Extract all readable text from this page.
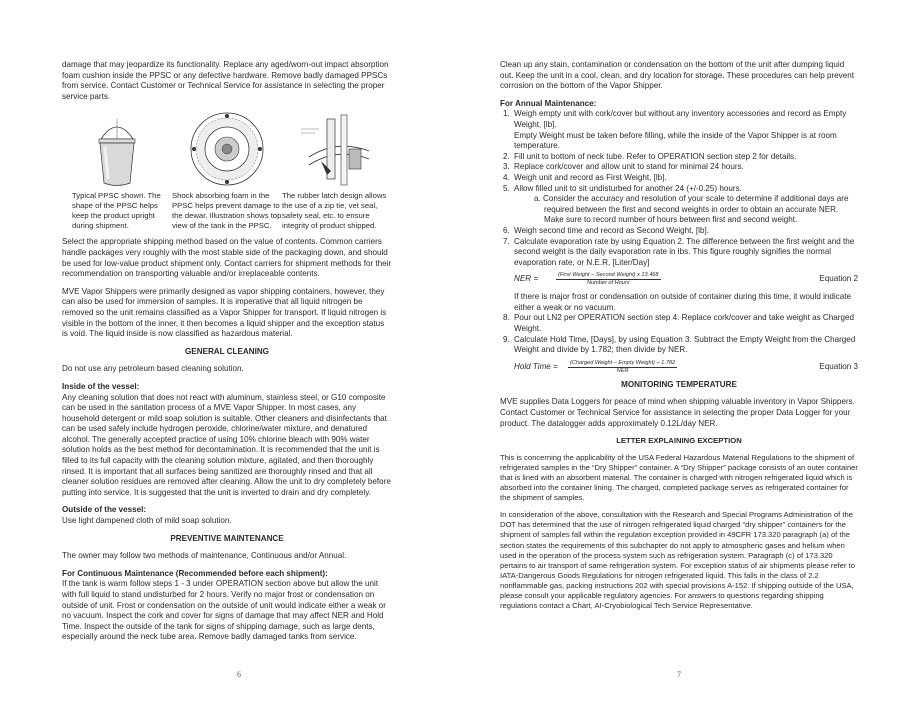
damage that may jeopardize its functionality. Replace any aged/worn-out impact absorption foam cushion inside the PPSC or any defective hardware. Remove badly damaged PPSCs from service. Contact Customer or Technical Service for assistance in selecting the proper service parts.

Typical PPSC shown. The shape of the PPSC helps keep the product upright during shipment.
Shock absorbing foam in the PPSC helps prevent damage to the dewar. Illustration shows top view of the tank in the PPSC.
The rubber latch design allows the use of a zip tie, vet seal, safety seal, etc. to ensure integrity of product shipped.

Select the appropriate shipping method based on the value of contents. Common carriers handle packages very roughly with the most stable side of the packaging down, and should be used for low-value product shipment only. Contact carriers for shipment methods for their recommendation on transporting valuable and/or irreplaceable contents.

MVE Vapor Shippers were primarily designed as vapor shipping containers, however, they can also be used for immersion of samples. It is imperative that all liquid nitrogen be removed so the unit remains classified as a Vapor Shipper for transport. If liquid nitrogen is visible in the bottom of the inner, it then becomes a liquid shipper and the exception status is void. The liquid inside is now classified as hazardous material.

GENERAL CLEANING

Do not use any petroleum based cleaning solution.

Inside of the vessel:

Any cleaning solution that does not react with aluminum, stainless steel, or G10 composite can be used in the sanitation process of a MVE Vapor Shipper. In most cases, any household detergent or mild soap solution is suitable. Other cleaners and disinfectants that can be used safely include hydrogen peroxide, chlorine/water mixture, and denatured alcohol. The generally accepted practice of using 10% chlorine bleach with 90% water solution holds as the best method for decontamination. It is recommended that the unit is filled to its full capacity with the cleaning solution mixture, agitated, and then thoroughly rinsed. It is important that all surfaces being sanitized are thoroughly rinsed and that all cleaner solution residues are removed after cleaning. Allow the unit to dry completely before putting into service. It is suggested that the unit is inverted to drain and dry completely.

Outside of the vessel:

Use light dampened cloth of mild soap solution.

PREVENTIVE MAINTENANCE

The owner may follow two methods of maintenance, Continuous and/or Annual.

For Continuous Maintenance (Recommended before each shipment):

If the tank is warm follow steps 1 - 3 under OPERATION section above but allow the unit with full liquid to stand undisturbed for 2 hours. Verify no major frost or condensation on outside of unit. Frost or condensation on the outside of unit would indicate either a weak or no vacuum. Inspect the cork and cover for signs of damage that may affect NER and Hold Time. Inspect the outside of the tank for signs of shipping damage, such as large dents, especially around the neck tube area. Remove badly damaged tanks from service.

6

Clean up any stain, contamination or condensation on the bottom of the unit after dumping liquid out. Keep the unit in a cool, clean, and dry location for storage. These procedures can help prevent corrosion on the bottom of the Vapor Shipper.

For Annual Maintenance:
1. Weigh empty unit with cork/cover but without any inventory accessories and record as Empty Weight, [lb].
Empty Weight must be taken before filling, while the inside of the Vapor Shipper is at room temperature.
2. Fill unit to bottom of neck tube. Refer to OPERATION section step 2 for details.
3. Replace cork/cover and allow unit to stand for minimal 24 hours.
4. Weigh unit and record as First Weight, [lb].
5. Allow filled unit to sit undisturbed for another 24 (+/-0.25) hours.
a. Consider the accuracy and resolution of your scale to determine if additional days are required between the first and second weights in order to obtain an accurate NER. Make sure to record number of hours between first and second weight.
6. Weigh second time and record as Second Weight, [lb].
7. Calculate evaporation rate by using Equation 2. The difference between the first weight and the second weight is the daily evaporation rate in lbs. This figure roughly signifies the normal evaporation rate, or N.E.R, [Liter/Day]
NER =	$\frac{\text{(First Weight – Second Weight) x 13.468}}{\text{Number of Hours}}$	Equation 2
If there is major frost or condensation on outside of container during this time, it would indicate either a weak or no vacuum.
8. Pour out LN2 per OPERATION section step 4. Replace cork/cover and take weight as Charged Weight.
9. Calculate Hold Time, [Days], by using Equation 3. Subtract the Empty Weight from the Charged Weight and divide by 1.782; then divide by NER.
Hold Time =	$\frac{\text{(Charged Weight – Empty Weight) ÷ 1.782}}{\text{NER}}$	Equation 3
MONITORING TEMPERATURE

MVE supplies Data Loggers for peace of mind when shipping valuable inventory in Vapor Shippers. Contact Customer or Technical Service for assistance in selecting the proper Data Logger for your product. The datalogger adds approximately 0.12L/day NER.

LETTER EXPLAINING EXCEPTION

This is concerning the applicability of the USA Federal Hazardous Material Regulations to the shipment of refrigerated samples in the “Dry Shipper” container. A “Dry Shipper” package consists of an outer container that is lined with an absorbent material. The container is charged with nitrogen refrigerated liquid which is absorbed into the container lining. The charged, completed package serves as refrigerated container for the shipment of samples.

In consideration of the above, consultation with the Research and Special Programs Administration of the DOT has determined that the use of nitrogen refrigerated liquid charged “dry shipper” containers for the shipment of samples fall within the regulation exception provided in 49CFR 173.320 paragraph (a) of the section states the requirements of this subchapter do not apply to atmospheric gases and helium when used in the operation of the process system such as refrigeration system. Paragraph (c) of 173.320 pertains to air transport of same refrigeration system. For exception status of air shipments please refer to IATA-Dangerous Goods Regulations for nitrogen refrigerated liquid. This falls in the class of 2.2 nonflammable gas, packing instructions 202 with special provisions A-152. If shipping outside of the USA, please consult your applicable regulatory agencies. For answers to questions regarding shipping regulations contact a Chart, AI-Cryobiological Tech Service Representative.

7
